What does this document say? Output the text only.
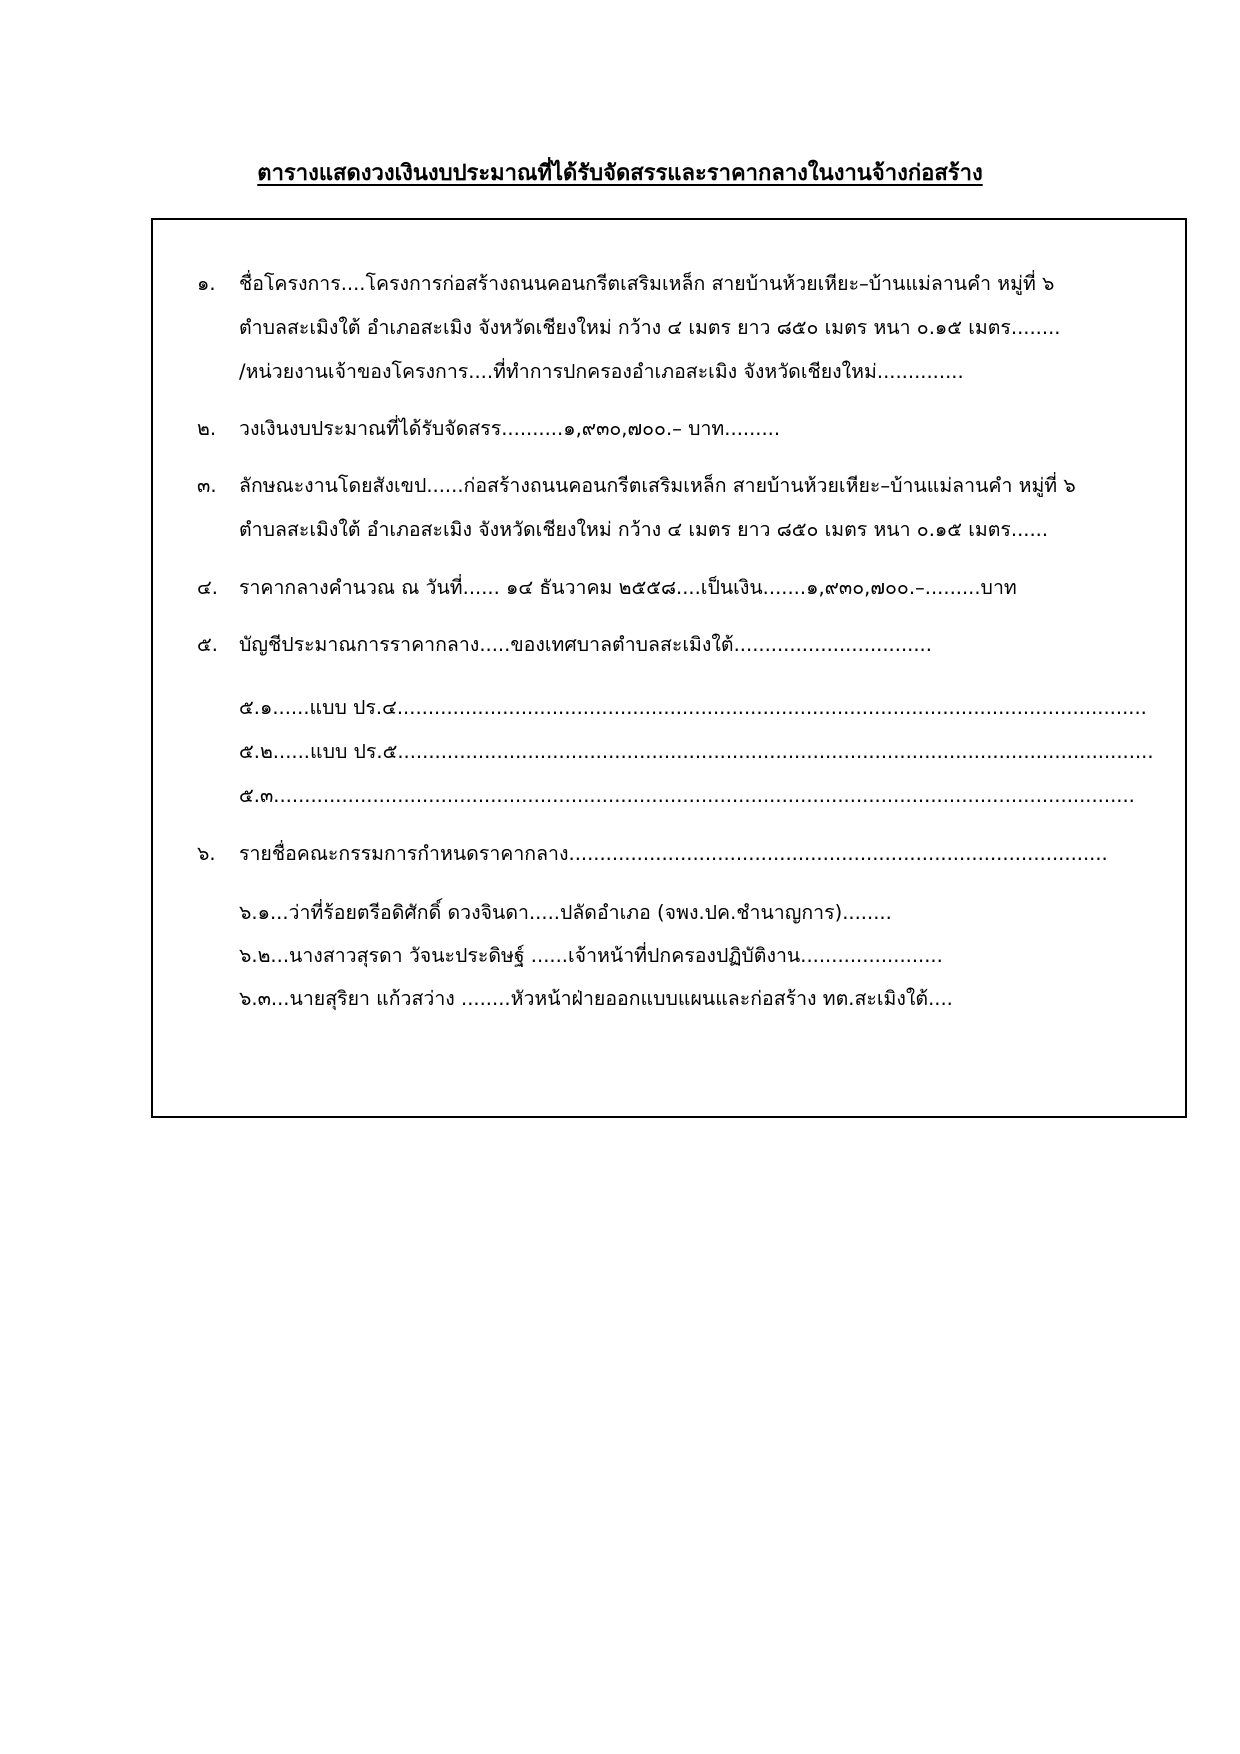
ตารางแสดงวงเงินงบประมาณที่ได้รับจัดสรรและราคากลางในงานจ้างก่อสร้าง
๑. ชื่อโครงการ....โครงการก่อสร้างถนนคอนกรีตเสริมเหล็ก สายบ้านห้วยเหียะ–บ้านแม่ลานคำ หมู่ที่ ๖
ตำบลสะเมิงใต้ อำเภอสะเมิง จังหวัดเชียงใหม่ กว้าง ๔ เมตร ยาว ๘๕๐ เมตร หนา ๐.๑๕ เมตร........
/หน่วยงานเจ้าของโครงการ....ที่ทำการปกครองอำเภอสะเมิง จังหวัดเชียงใหม่..............
๒. วงเงินงบประมาณที่ได้รับจัดสรร..........๑,๙๓๐,๗๐๐.– บาท.........
๓. ลักษณะงานโดยสังเขป......ก่อสร้างถนนคอนกรีตเสริมเหล็ก สายบ้านห้วยเหียะ–บ้านแม่ลานคำ หมู่ที่ ๖
ตำบลสะเมิงใต้ อำเภอสะเมิง จังหวัดเชียงใหม่ กว้าง ๔ เมตร ยาว ๘๕๐ เมตร หนา ๐.๑๕ เมตร......
๔. ราคากลางคำนวณ ณ วันที่...... ๑๔ ธันวาคม ๒๕๕๘....เป็นเงิน.......๑,๙๓๐,๗๐๐.–.........บาท
๕. บัญชีประมาณการราคากลาง.....ของเทศบาลตำบลสะเมิงใต้................................
๕.๑......แบบ ปร.๔.........................................................................................................................
๕.๒......แบบ ปร.๕..........................................................................................................................
๕.๓...........................................................................................................................................
๖. รายชื่อคณะกรรมการกำหนดราคากลาง.......................................................................................
๖.๑...ว่าที่ร้อยตรีอดิศักดิ์ ดวงจินดา.....ปลัดอำเภอ (จพง.ปค.ชำนาญการ)........
๖.๒...นางสาวสุรดา วัจนะประดิษฐ์ ......เจ้าหน้าที่ปกครองปฏิบัติงาน.......................
๖.๓...นายสุริยา แก้วสว่าง ........หัวหน้าฝ่ายออกแบบแผนและก่อสร้าง ทต.สะเมิงใต้....
